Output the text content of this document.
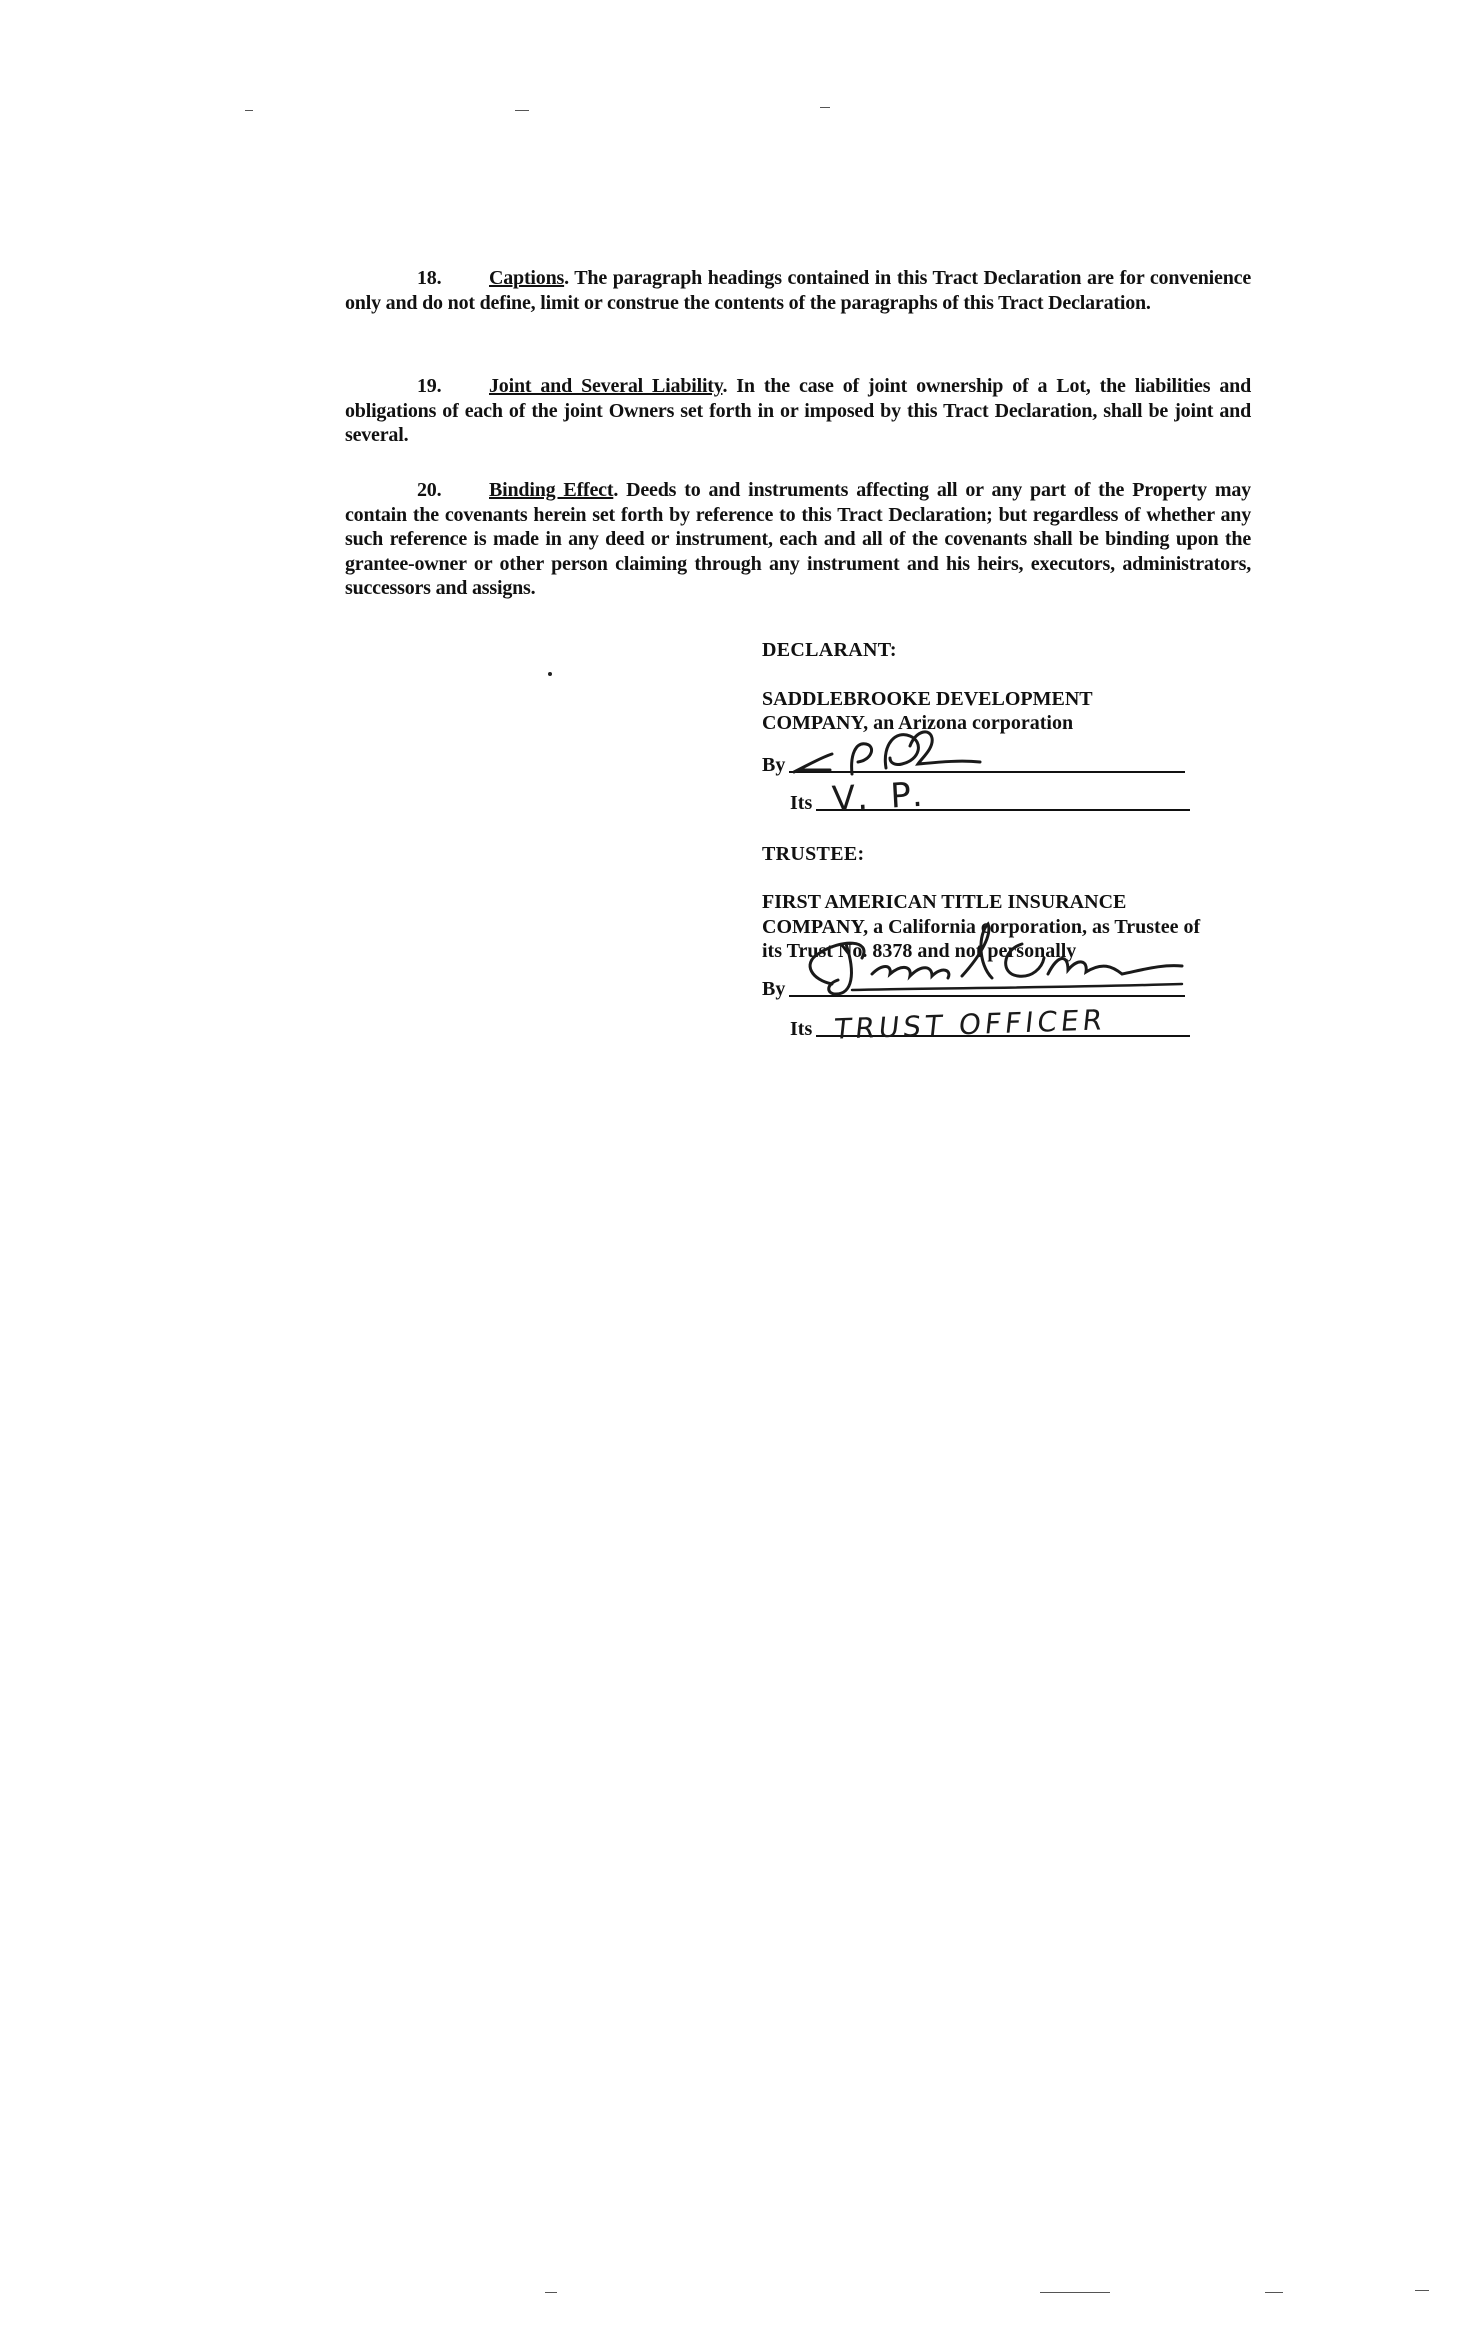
18. Captions. The paragraph headings contained in this Tract Declaration are for convenience only and do not define, limit or construe the contents of the paragraphs of this Tract Declaration.
19. Joint and Several Liability. In the case of joint ownership of a Lot, the liabilities and obligations of each of the joint Owners set forth in or imposed by this Tract Declaration, shall be joint and several.
20. Binding Effect. Deeds to and instruments affecting all or any part of the Property may contain the covenants herein set forth by reference to this Tract Declaration; but regardless of whether any such reference is made in any deed or instrument, each and all of the covenants shall be binding upon the grantee-owner or other person claiming through any instrument and his heirs, executors, administrators, successors and assigns.
DECLARANT:
SADDLEBROOKE DEVELOPMENT
COMPANY, an Arizona corporation
By
Its V. P.
TRUSTEE:
FIRST AMERICAN TITLE INSURANCE
COMPANY, a California corporation, as Trustee of
its Trust No. 8378 and not personally
By
Its TRUST OFFICER
